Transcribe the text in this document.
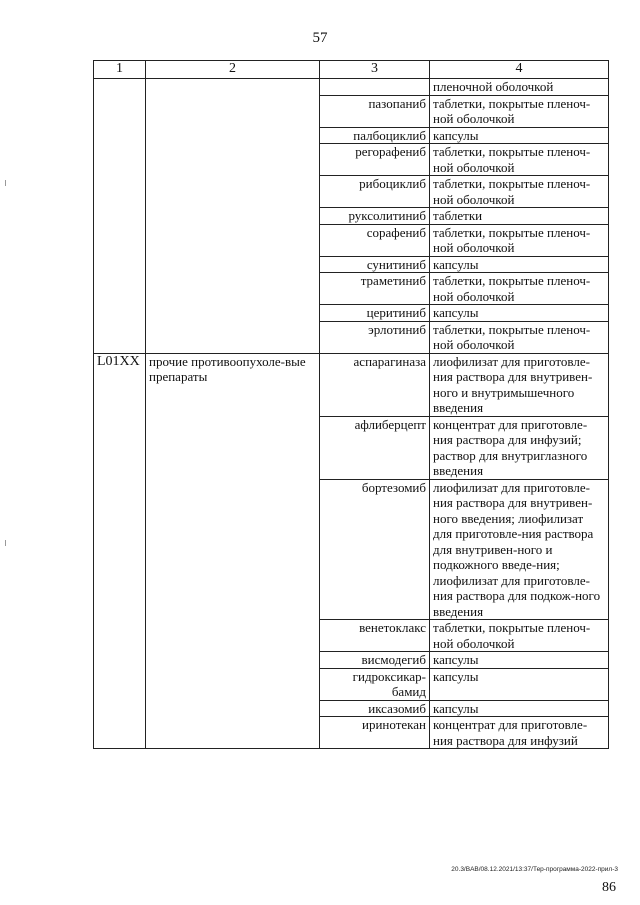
57
1	2	3	4
			пленочной оболочкой
		пазопаниб	таблетки, покрытые пленоч-ной оболочкой
		палбоциклиб	капсулы
		регорафениб	таблетки, покрытые пленоч-ной оболочкой
		рибоциклиб	таблетки, покрытые пленоч-ной оболочкой
		руксолитиниб	таблетки
		сорафениб	таблетки, покрытые пленоч-ной оболочкой
		сунитиниб	капсулы
		траметиниб	таблетки, покрытые пленоч-ной оболочкой
		церитиниб	капсулы
		эрлотиниб	таблетки, покрытые пленоч-ной оболочкой
L01XX	прочие противоопухоле-вые препараты	аспарагиназа	лиофилизат для приготовле-ния раствора для внутривен-ного и внутримышечного введения
		афлиберцепт	концентрат для приготовле-ния раствора для инфузий; раствор для внутриглазного введения
		бортезомиб	лиофилизат для приготовле-ния раствора для внутривен-ного введения; лиофилизат для приготовле-ния раствора для внутривен-ного и подкожного введе-ния; лиофилизат для приготовле-ния раствора для подкож-ного введения
		венетоклакс	таблетки, покрытые пленоч-ной оболочкой
		висмодегиб	капсулы
		гидроксикар-бамид	капсулы
		иксазомиб	капсулы
		иринотекан	концентрат для приготовле-ния раствора для инфузий
20.3/BAB/08.12.2021/13:37/Тер-программа-2022-прил-3
86
